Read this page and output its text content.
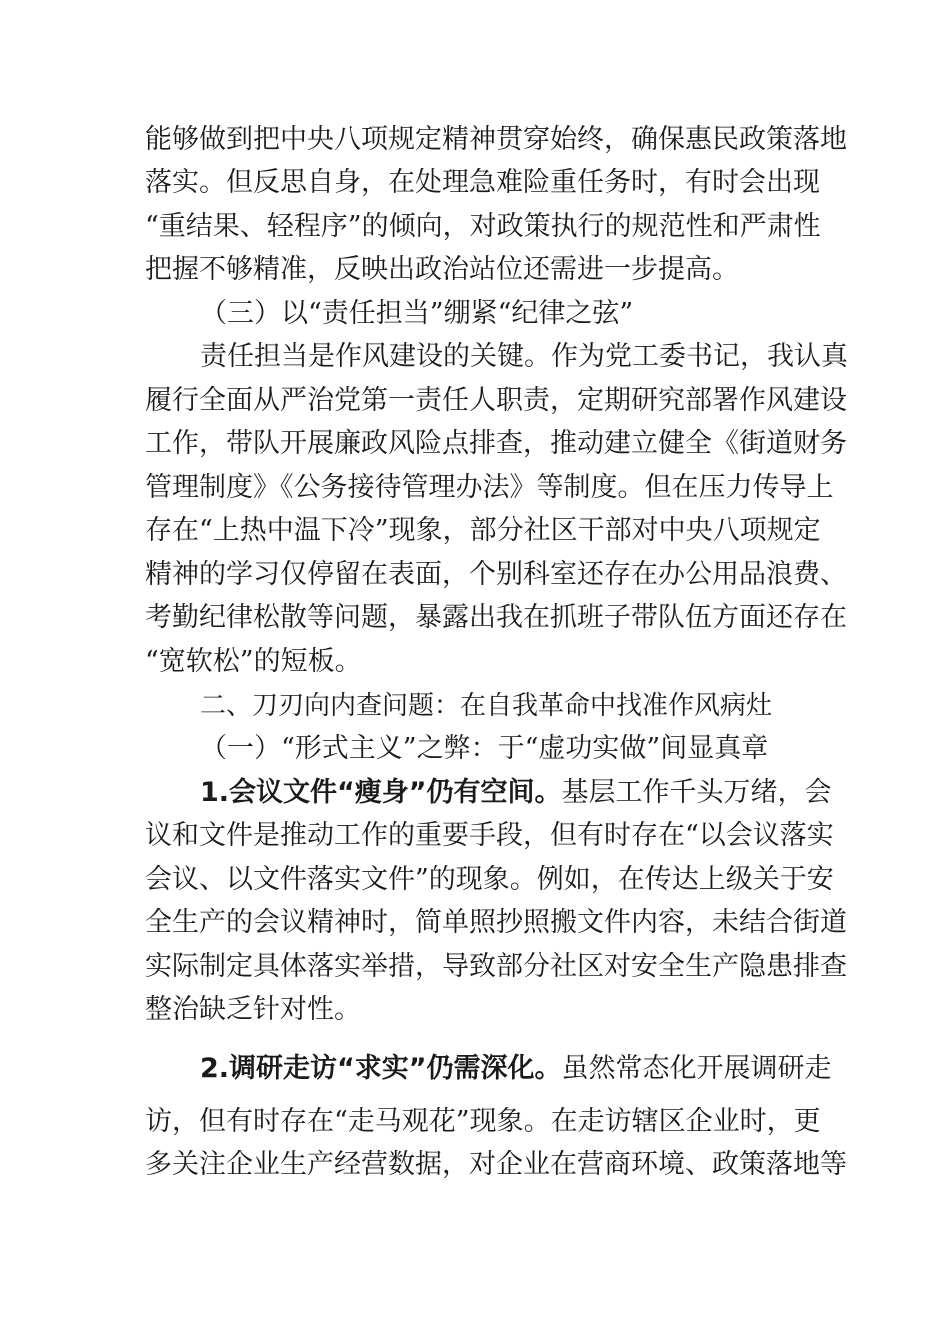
能够做到把中央八项规定精神贯穿始终，确保惠民政策落地
落实。但反思自身，在处理急难险重任务时，有时会出现
“重结果、轻程序”的倾向，对政策执行的规范性和严肃性
把握不够精准，反映出政治站位还需进一步提高。
（三）以“责任担当”绷紧“纪律之弦”
责任担当是作风建设的关键。作为党工委书记，我认真
履行全面从严治党第一责任人职责，定期研究部署作风建设
工作，带队开展廉政风险点排查，推动建立健全《街道财务
管理制度》《公务接待管理办法》等制度。但在压力传导上
存在“上热中温下冷”现象，部分社区干部对中央八项规定
精神的学习仅停留在表面，个别科室还存在办公用品浪费、
考勤纪律松散等问题，暴露出我在抓班子带队伍方面还存在
“宽软松”的短板。
二、刀刃向内查问题：在自我革命中找准作风病灶
（一）“形式主义”之弊：于“虚功实做”间显真章
1.会议文件“瘦身”仍有空间。基层工作千头万绪，会
议和文件是推动工作的重要手段，但有时存在“以会议落实
会议、以文件落实文件”的现象。例如，在传达上级关于安
全生产的会议精神时，简单照抄照搬文件内容，未结合街道
实际制定具体落实举措，导致部分社区对安全生产隐患排查
整治缺乏针对性。
2.调研走访“求实”仍需深化。虽然常态化开展调研走
访，但有时存在“走马观花”现象。在走访辖区企业时，更
多关注企业生产经营数据，对企业在营商环境、政策落地等
